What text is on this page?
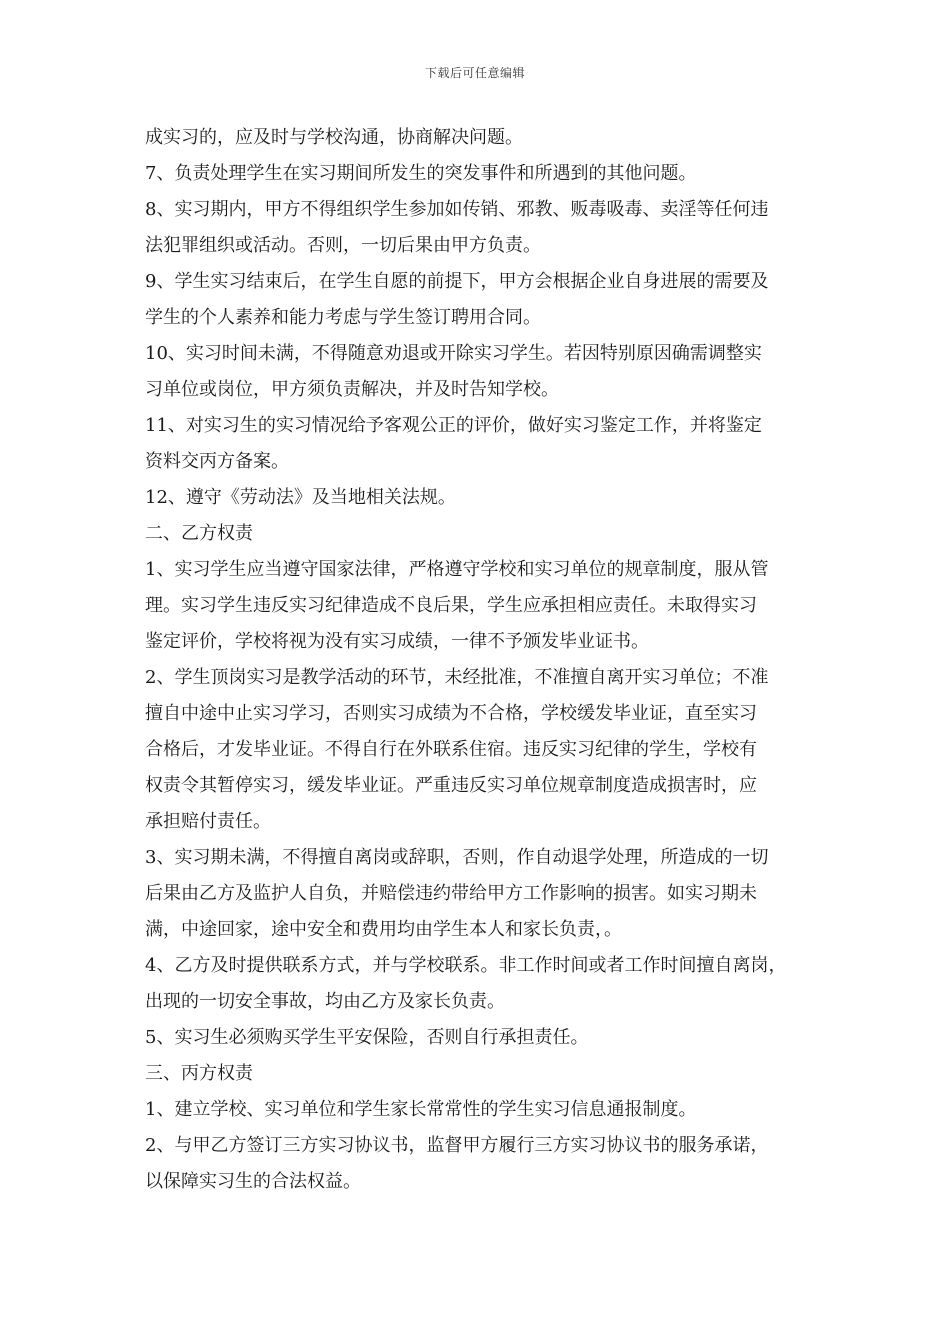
下载后可任意编辑
成实习的，应及时与学校沟通，协商解决问题。
7、负责处理学生在实习期间所发生的突发事件和所遇到的其他问题。
8、实习期内，甲方不得组织学生参加如传销、邪教、贩毒吸毒、卖淫等任何违
法犯罪组织或活动。否则，一切后果由甲方负责。
9、学生实习结束后，在学生自愿的前提下，甲方会根据企业自身进展的需要及
学生的个人素养和能力考虑与学生签订聘用合同。
10、实习时间未满，不得随意劝退或开除实习学生。若因特别原因确需调整实
习单位或岗位，甲方须负责解决，并及时告知学校。
11、对实习生的实习情况给予客观公正的评价，做好实习鉴定工作，并将鉴定
资料交丙方备案。
12、遵守《劳动法》及当地相关法规。
二、乙方权责
1、实习学生应当遵守国家法律，严格遵守学校和实习单位的规章制度，服从管
理。实习学生违反实习纪律造成不良后果，学生应承担相应责任。未取得实习
鉴定评价，学校将视为没有实习成绩，一律不予颁发毕业证书。
2、学生顶岗实习是教学活动的环节，未经批准，不准擅自离开实习单位；不准
擅自中途中止实习学习，否则实习成绩为不合格，学校缓发毕业证，直至实习
合格后，才发毕业证。不得自行在外联系住宿。违反实习纪律的学生，学校有
权责令其暂停实习，缓发毕业证。严重违反实习单位规章制度造成损害时，应
承担赔付责任。
3、实习期未满，不得擅自离岗或辞职，否则，作自动退学处理，所造成的一切
后果由乙方及监护人自负，并赔偿违约带给甲方工作影响的损害。如实习期未
满，中途回家，途中安全和费用均由学生本人和家长负责，。
4、乙方及时提供联系方式，并与学校联系。非工作时间或者工作时间擅自离岗，
出现的一切安全事故，均由乙方及家长负责。
5、实习生必须购买学生平安保险，否则自行承担责任。
三、丙方权责
1、建立学校、实习单位和学生家长常常性的学生实习信息通报制度。
2、与甲乙方签订三方实习协议书，监督甲方履行三方实习协议书的服务承诺，
以保障实习生的合法权益。
